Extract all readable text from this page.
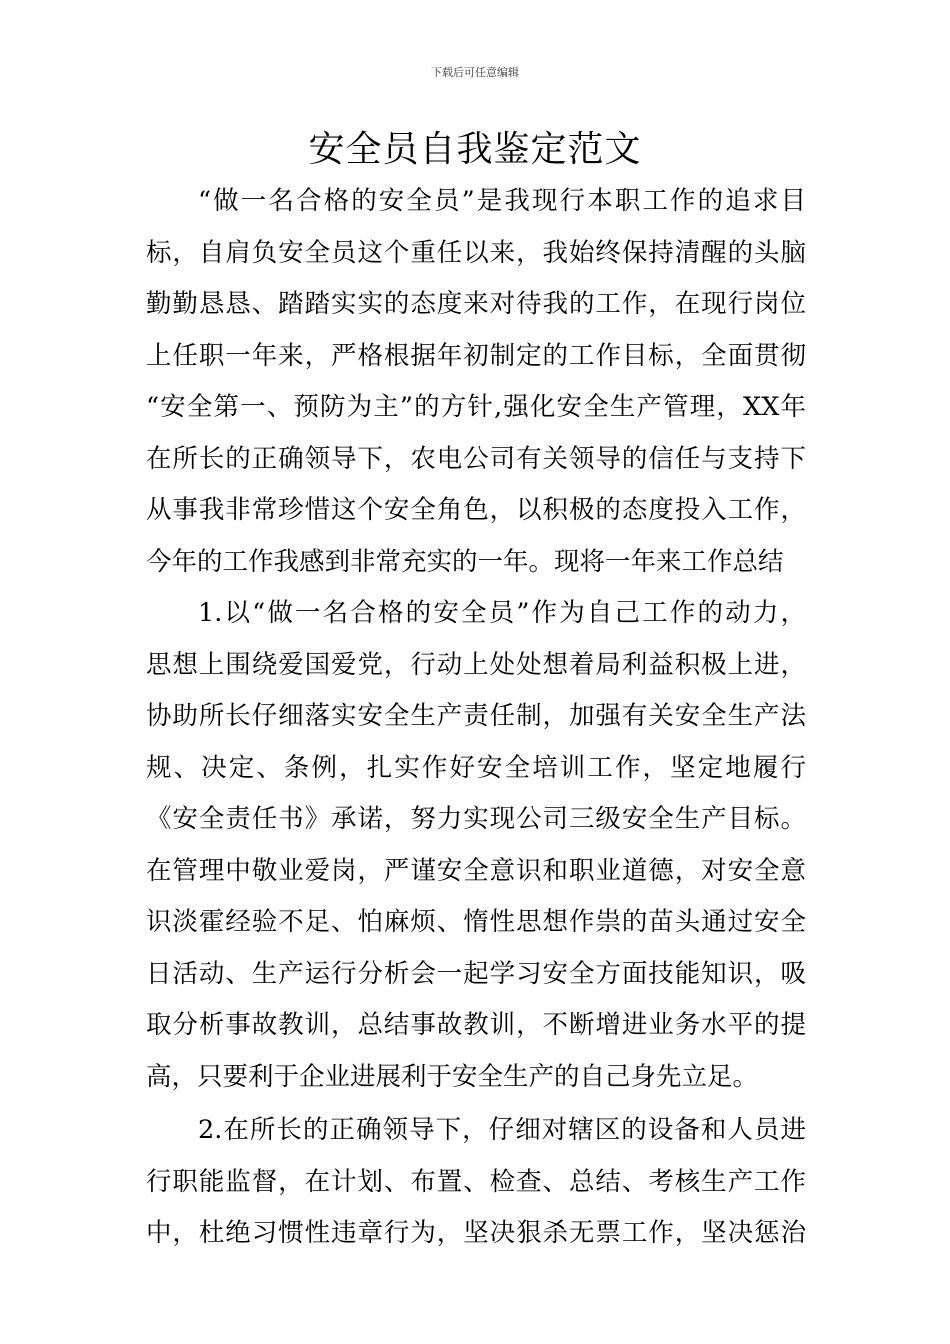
下载后可任意编辑
安全员自我鉴定范文
“做一名合格的安全员”是我现行本职工作的追求目
标，自肩负安全员这个重任以来，我始终保持清醒的头脑
勤勤恳恳、踏踏实实的态度来对待我的工作，在现行岗位
上任职一年来，严格根据年初制定的工作目标，全面贯彻
“安全第一、预防为主”的方针,强化安全生产管理，XX年
在所长的正确领导下，农电公司有关领导的信任与支持下
从事我非常珍惜这个安全角色，以积极的态度投入工作，
今年的工作我感到非常充实的一年。现将一年来工作总结
1.以“做一名合格的安全员”作为自己工作的动力，
思想上围绕爱国爱党，行动上处处想着局利益积极上进，
协助所长仔细落实安全生产责任制，加强有关安全生产法
规、决定、条例，扎实作好安全培训工作，坚定地履行
《安全责任书》承诺，努力实现公司三级安全生产目标。
在管理中敬业爱岗，严谨安全意识和职业道德，对安全意
识淡霍经验不足、怕麻烦、惰性思想作祟的苗头通过安全
日活动、生产运行分析会一起学习安全方面技能知识，吸
取分析事故教训，总结事故教训，不断增进业务水平的提
高，只要利于企业进展利于安全生产的自己身先立足。
2.在所长的正确领导下，仔细对辖区的设备和人员进
行职能监督，在计划、布置、检查、总结、考核生产工作
中，杜绝习惯性违章行为，坚决狠杀无票工作，坚决惩治
